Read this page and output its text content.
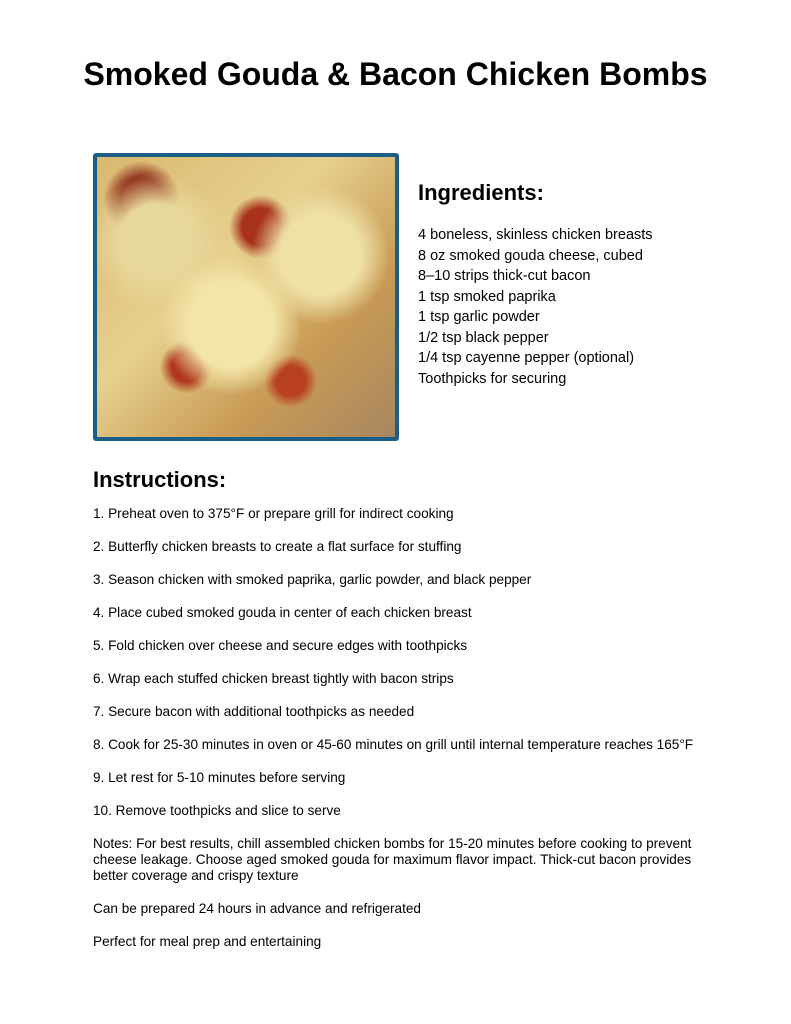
Smoked Gouda & Bacon Chicken Bombs
Ingredients:
4 boneless, skinless chicken breasts
8 oz smoked gouda cheese, cubed
8–10 strips thick-cut bacon
1 tsp smoked paprika
1 tsp garlic powder
1/2 tsp black pepper
1/4 tsp cayenne pepper (optional)
Toothpicks for securing
Instructions:

1. Preheat oven to 375°F or prepare grill for indirect cooking

2. Butterfly chicken breasts to create a flat surface for stuffing

3. Season chicken with smoked paprika, garlic powder, and black pepper

4. Place cubed smoked gouda in center of each chicken breast

5. Fold chicken over cheese and secure edges with toothpicks

6. Wrap each stuffed chicken breast tightly with bacon strips

7. Secure bacon with additional toothpicks as needed

8. Cook for 25-30 minutes in oven or 45-60 minutes on grill until internal temperature reaches 165°F

9. Let rest for 5-10 minutes before serving

10. Remove toothpicks and slice to serve

Notes: For best results, chill assembled chicken bombs for 15-20 minutes before cooking to prevent cheese leakage. Choose aged smoked gouda for maximum flavor impact. Thick-cut bacon provides better coverage and crispy texture

Can be prepared 24 hours in advance and refrigerated

Perfect for meal prep and entertaining
